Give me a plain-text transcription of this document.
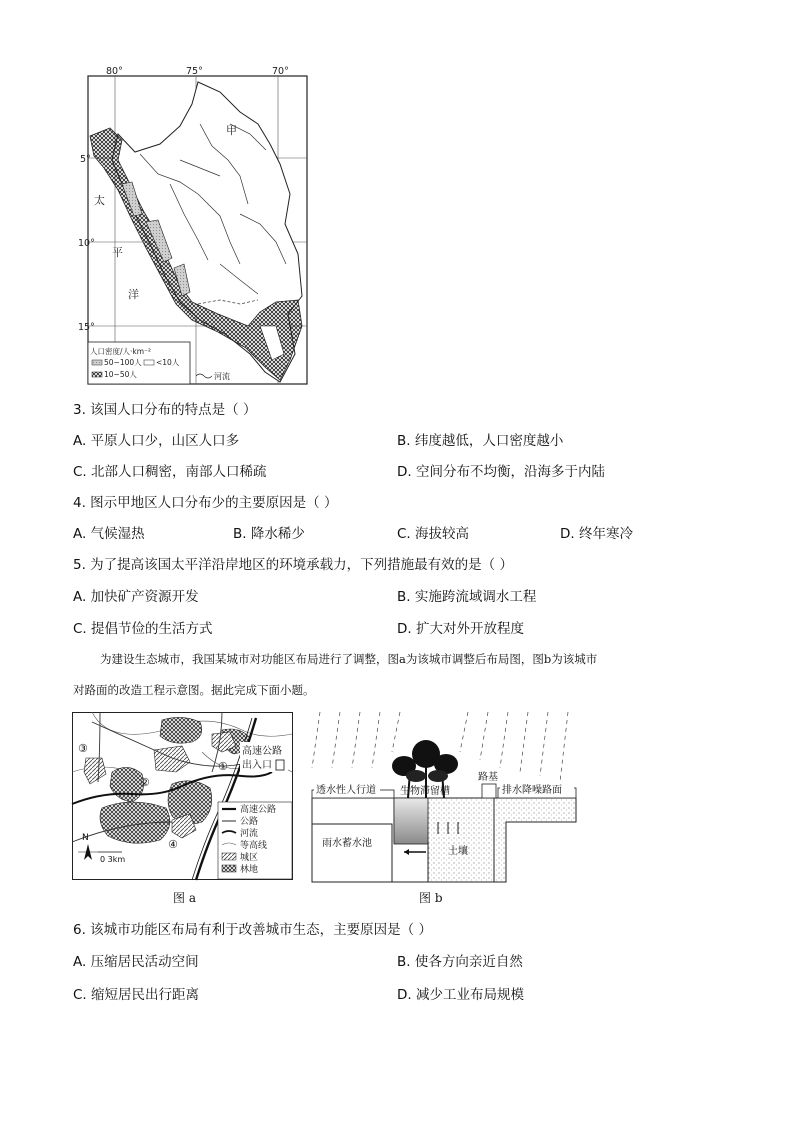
80°	75°	70°
5°
10°
15°
甲
太
平
洋
人口密度/人·km⁻²
50~100人 <10人
10~50人	河流
3. 该国人口分布的特点是（ ）
A. 平原人口少，山区人口多	B. 纬度越低，人口密度越小
C. 北部人口稠密，南部人口稀疏	D. 空间分布不均衡，沿海多于内陆
4. 图示甲地区人口分布少的主要原因是（ ）
A. 气候湿热	B. 降水稀少	C. 海拔较高	D. 终年寒冷
5. 为了提高该国太平洋沿岸地区的环境承载力，下列措施最有效的是（ ）
A. 加快矿产资源开发	B. 实施跨流域调水工程
C. 提倡节俭的生活方式	D. 扩大对外开放程度
为建设生态城市，我国某城市对功能区布局进行了调整，图a为该城市调整后布局图，图b为该城市
对路面的改造工程示意图。据此完成下面小题。
③
②
①
④
高速公路
出入口
N
0 3km
高速公路
公路
河流
等高线
城区
林地
图 a
透水性人行道 生物滞留槽
路基
排水降噪路面
雨水蓄水池
土壤
图 b
6. 该城市功能区布局有利于改善城市生态，主要原因是（ ）
A. 压缩居民活动空间	B. 使各方向亲近自然
C. 缩短居民出行距离	D. 减少工业布局规模
